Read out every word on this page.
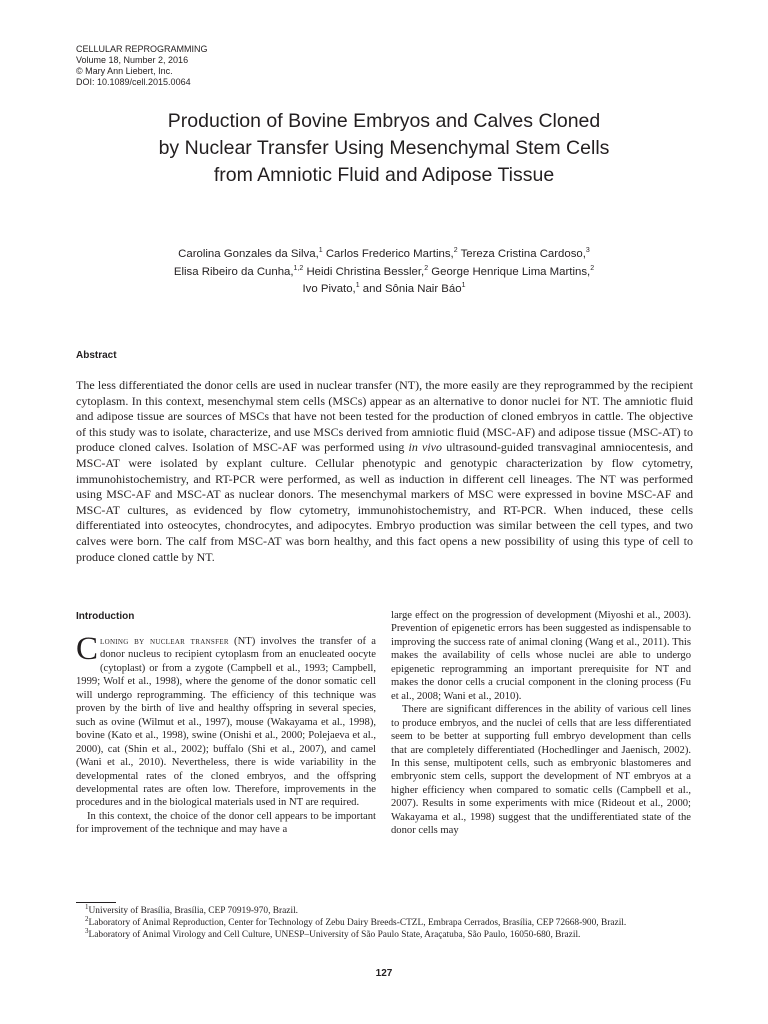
CELLULAR REPROGRAMMING
Volume 18, Number 2, 2016
© Mary Ann Liebert, Inc.
DOI: 10.1089/cell.2015.0064
Production of Bovine Embryos and Calves Cloned
by Nuclear Transfer Using Mesenchymal Stem Cells
from Amniotic Fluid and Adipose Tissue
Carolina Gonzales da Silva,$^1$ Carlos Frederico Martins,$^2$ Tereza Cristina Cardoso,$^3$
Elisa Ribeiro da Cunha,$^{1,2}$ Heidi Christina Bessler,$^2$ George Henrique Lima Martins,$^2$
Ivo Pivato,$^1$ and Sônia Nair Báo$^1$
Abstract

The less differentiated the donor cells are used in nuclear transfer (NT), the more easily are they reprogrammed by the recipient cytoplasm. In this context, mesenchymal stem cells (MSCs) appear as an alternative to donor nuclei for NT. The amniotic fluid and adipose tissue are sources of MSCs that have not been tested for the production of cloned embryos in cattle. The objective of this study was to isolate, characterize, and use MSCs derived from amniotic fluid (MSC-AF) and adipose tissue (MSC-AT) to produce cloned calves. Isolation of MSC-AF was performed using in vivo ultrasound-guided transvaginal amniocentesis, and MSC-AT were isolated by explant culture. Cellular phenotypic and genotypic characterization by flow cytometry, immunohistochemistry, and RT-PCR were performed, as well as induction in different cell lineages. The NT was performed using MSC-AF and MSC-AT as nuclear donors. The mesenchymal markers of MSC were expressed in bovine MSC-AF and MSC-AT cultures, as evidenced by flow cytometry, immunohistochemistry, and RT-PCR. When induced, these cells differentiated into osteocytes, chondrocytes, and adipocytes. Embryo production was similar between the cell types, and two calves were born. The calf from MSC-AT was born healthy, and this fact opens a new possibility of using this type of cell to produce cloned cattle by NT.

Introduction

Cloning by nuclear transfer (NT) involves the transfer of a donor nucleus to recipient cytoplasm from an enucleated oocyte (cytoplast) or from a zygote (Campbell et al., 1993; Campbell, 1999; Wolf et al., 1998), where the genome of the donor somatic cell will undergo reprogramming. The efficiency of this technique was proven by the birth of live and healthy offspring in several species, such as ovine (Wilmut et al., 1997), mouse (Wakayama et al., 1998), bovine (Kato et al., 1998), swine (Onishi et al., 2000; Polejaeva et al., 2000), cat (Shin et al., 2002); buffalo (Shi et al., 2007), and camel (Wani et al., 2010). Nevertheless, there is wide variability in the developmental rates of the cloned embryos, and the offspring developmental rates are often low. Therefore, improvements in the procedures and in the biological materials used in NT are required.

In this context, the choice of the donor cell appears to be important for improvement of the technique and may have a

large effect on the progression of development (Miyoshi et al., 2003). Prevention of epigenetic errors has been suggested as indispensable to improving the success rate of animal cloning (Wang et al., 2011). This makes the availability of cells whose nuclei are able to undergo epigenetic reprogramming an important prerequisite for NT and makes the donor cells a crucial component in the cloning process (Fu et al., 2008; Wani et al., 2010).

There are significant differences in the ability of various cell lines to produce embryos, and the nuclei of cells that are less differentiated seem to be better at supporting full embryo development than cells that are completely differentiated (Hochedlinger and Jaenisch, 2002). In this sense, multipotent cells, such as embryonic blastomeres and embryonic stem cells, support the development of NT embryos at a higher efficiency when compared to somatic cells (Campbell et al., 2007). Results in some experiments with mice (Rideout et al., 2000; Wakayama et al., 1998) suggest that the undifferentiated state of the donor cells may

$^1$University of Brasília, Brasília, CEP 70919-970, Brazil.
$^2$Laboratory of Animal Reproduction, Center for Technology of Zebu Dairy Breeds-CTZL, Embrapa Cerrados, Brasília, CEP 72668-900, Brazil.
$^3$Laboratory of Animal Virology and Cell Culture, UNESP–University of São Paulo State, Araçatuba, São Paulo, 16050-680, Brazil.
127
